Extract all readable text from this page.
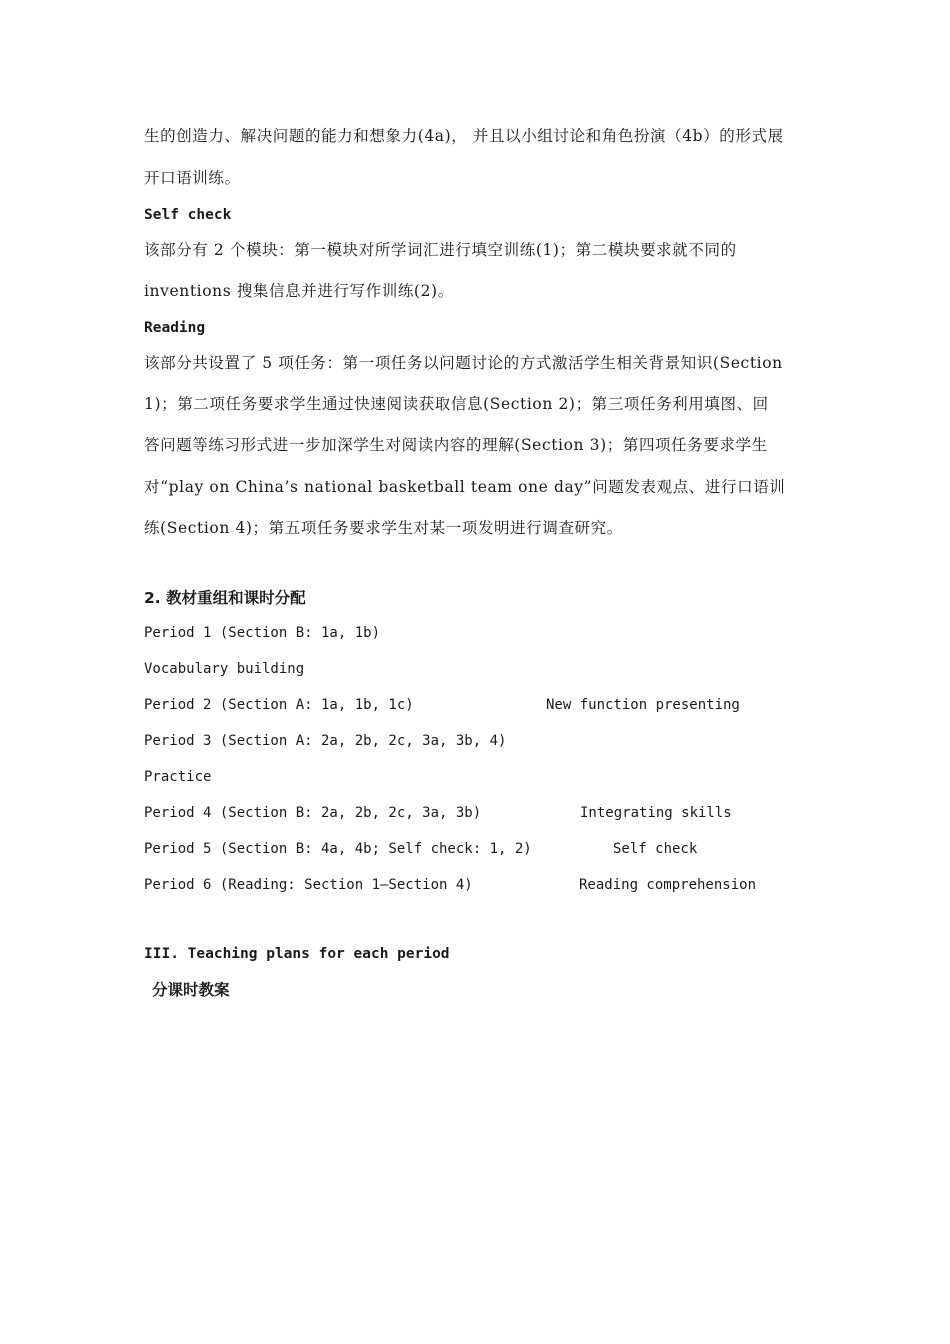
生的创造力、解决问题的能力和想象力(4a)， 并且以小组讨论和角色扮演（4b）的形式展
开口语训练。
Self check
该部分有 2 个模块：第一模块对所学词汇进行填空训练(1)；第二模块要求就不同的
inventions 搜集信息并进行写作训练(2)。
Reading
该部分共设置了 5 项任务：第一项任务以问题讨论的方式激活学生相关背景知识(Section
1)；第二项任务要求学生通过快速阅读获取信息(Section 2)；第三项任务利用填图、回
答问题等练习形式进一步加深学生对阅读内容的理解(Section 3)；第四项任务要求学生
对“play on China’s national basketball team one day”问题发表观点、进行口语训
练(Section 4)；第五项任务要求学生对某一项发明进行调查研究。
2. 教材重组和课时分配
Period 1 (Section B: 1a, 1b)
Vocabulary building
Period 2 (Section A: 1a, 1b, 1c)	New function presenting
Period 3 (Section A: 2a, 2b, 2c, 3a, 3b, 4)
Practice
Period 4 (Section B: 2a, 2b, 2c, 3a, 3b)	Integrating skills
Period 5 (Section B: 4a, 4b; Self check: 1, 2)	Self check
Period 6 (Reading: Section 1—Section 4)	Reading comprehension
III. Teaching plans for each period
分课时教案
